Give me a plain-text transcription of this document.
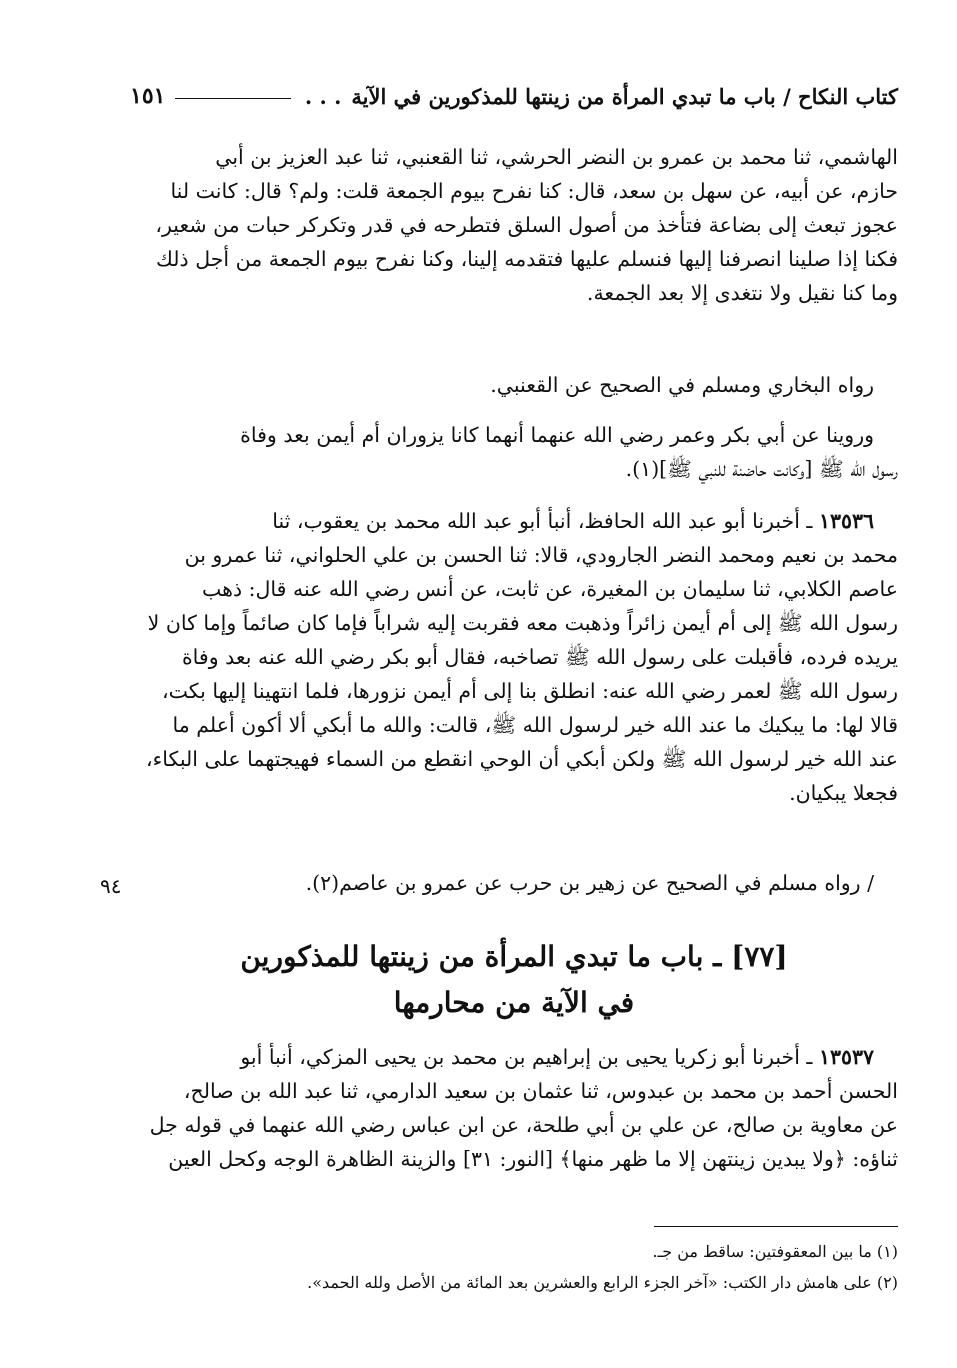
كتاب النكاح / باب ما تبدي المرأة من زينتها للمذكورين في الآية
. . .
١٥١

الهاشمي، ثنا محمد بن عمرو بن النضر الحرشي، ثنا القعنبي، ثنا عبد العزيز بن أبي

حازم، عن أبيه، عن سهل بن سعد، قال: كنا نفرح بيوم الجمعة قلت: ولم؟ قال: كانت لنا

عجوز تبعث إلى بضاعة فتأخذ من أصول السلق فتطرحه في قدر وتكركر حبات من شعير،

فكنا إذا صلينا انصرفنا إليها فنسلم عليها فتقدمه إلينا، وكنا نفرح بيوم الجمعة من أجل ذلك

وما كنا نقيل ولا نتغدى إلا بعد الجمعة.

رواه البخاري ومسلم في الصحيح عن القعنبي.

وروينا عن أبي بكر وعمر رضي الله عنهما أنهما كانا يزوران أم أيمن بعد وفاة

رسول الله ﷺ [وكانت حاضنة للنبي ﷺ](١).

١٣٥٣٦ ـ أخبرنا أبو عبد الله الحافظ، أنبأ أبو عبد الله محمد بن يعقوب، ثنا

محمد بن نعيم ومحمد النضر الجارودي، قالا: ثنا الحسن بن علي الحلواني، ثنا عمرو بن

عاصم الكلابي، ثنا سليمان بن المغيرة، عن ثابت، عن أنس رضي الله عنه قال: ذهب

رسول الله ﷺ إلى أم أيمن زائراً وذهبت معه فقربت إليه شراباً فإما كان صائماً وإما كان لا

يريده فرده، فأقبلت على رسول الله ﷺ تصاخبه، فقال أبو بكر رضي الله عنه بعد وفاة

رسول الله ﷺ لعمر رضي الله عنه: انطلق بنا إلى أم أيمن نزورها، فلما انتهينا إليها بكت،

قالا لها: ما يبكيك ما عند الله خير لرسول الله ﷺ، قالت: والله ما أبكي ألا أكون أعلم ما

عند الله خير لرسول الله ﷺ ولكن أبكي أن الوحي انقطع من السماء فهيجتهما على البكاء،

فجعلا يبكيان.

/ رواه مسلم في الصحيح عن زهير بن حرب عن عمرو بن عاصم(٢).

٩٤
[٧٧] ـ باب ما تبدي المرأة من زينتها للمذكورين
في الآية من محارمها

١٣٥٣٧ ـ أخبرنا أبو زكريا يحيى بن إبراهيم بن محمد بن يحيى المزكي، أنبأ أبو

الحسن أحمد بن محمد بن عبدوس، ثنا عثمان بن سعيد الدارمي، ثنا عبد الله بن صالح،

عن معاوية بن صالح، عن علي بن أبي طلحة، عن ابن عباس رضي الله عنهما في قوله جل

ثناؤه: ﴿ولا يبدين زينتهن إلا ما ظهر منها﴾ [النور: ٣١] والزينة الظاهرة الوجه وكحل العين

(١) ما بين المعقوفتين: ساقط من جـ.

(٢) على هامش دار الكتب: «آخر الجزء الرابع والعشرين بعد المائة من الأصل ولله الحمد».
